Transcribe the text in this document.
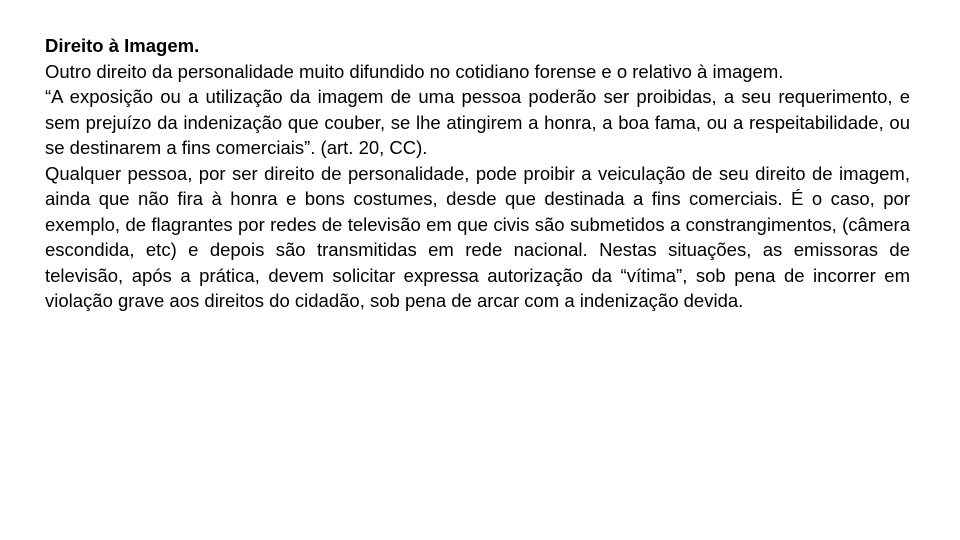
Direito à Imagem.

Outro direito da personalidade muito difundido no cotidiano forense e o relativo à imagem.

“A exposição ou a utilização da imagem de uma pessoa poderão ser proibidas, a seu requerimento, e sem prejuízo da indenização que couber, se lhe atingirem a honra, a boa fama, ou a respeitabilidade, ou se destinarem a fins comerciais”. (art. 20, CC).

Qualquer pessoa, por ser direito de personalidade, pode proibir a veiculação de seu direito de imagem, ainda que não fira à honra e bons costumes, desde que destinada a fins comerciais. É o caso, por exemplo, de flagrantes por redes de televisão em que civis são submetidos a constrangimentos, (câmera escondida, etc) e depois são transmitidas em rede nacional. Nestas situações, as emissoras de televisão, após a prática, devem solicitar expressa autorização da “vítima”, sob pena de incorrer em violação grave aos direitos do cidadão, sob pena de arcar com a indenização devida.
